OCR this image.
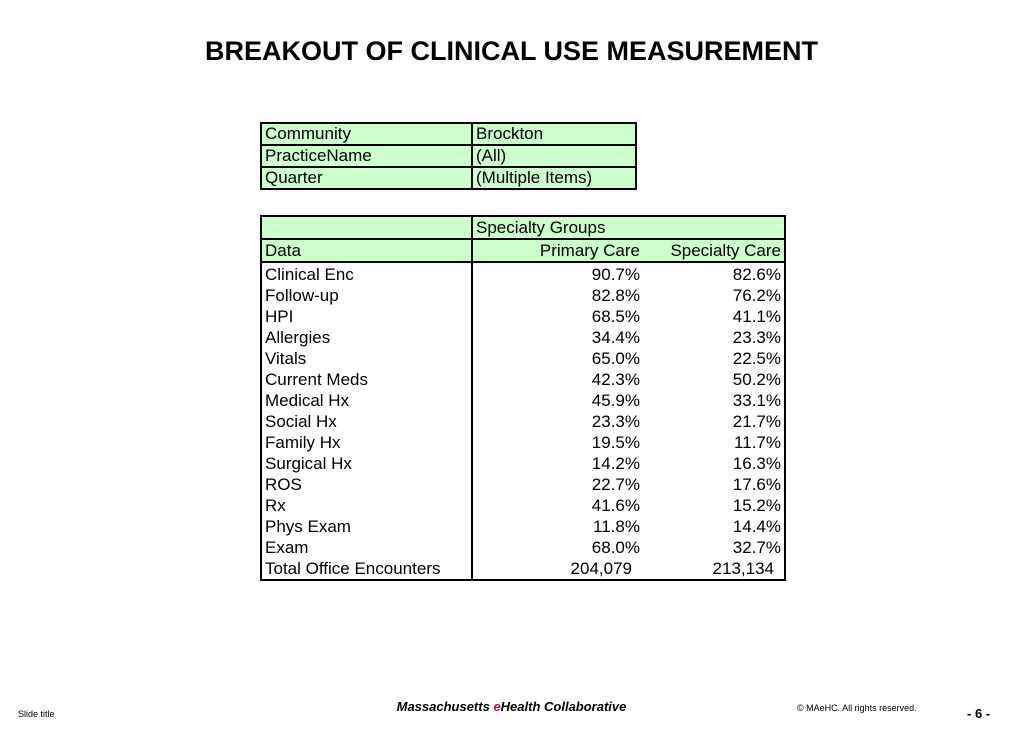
BREAKOUT OF CLINICAL USE MEASUREMENT
Community	Brockton
PracticeName	(All)
Quarter	(Multiple Items)
	Specialty Groups	
Data	Primary Care	Specialty Care
Clinical Enc	90.7%	82.6%
Follow-up	82.8%	76.2%
HPI	68.5%	41.1%
Allergies	34.4%	23.3%
Vitals	65.0%	22.5%
Current Meds	42.3%	50.2%
Medical Hx	45.9%	33.1%
Social Hx	23.3%	21.7%
Family Hx	19.5%	11.7%
Surgical Hx	14.2%	16.3%
ROS	22.7%	17.6%
Rx	41.6%	15.2%
Phys Exam	11.8%	14.4%
Exam	68.0%	32.7%
Total Office Encounters	204,079	213,134
Slide title	Massachusetts eHealth Collaborative	© MAeHC. All rights reserved.	- 6 -
